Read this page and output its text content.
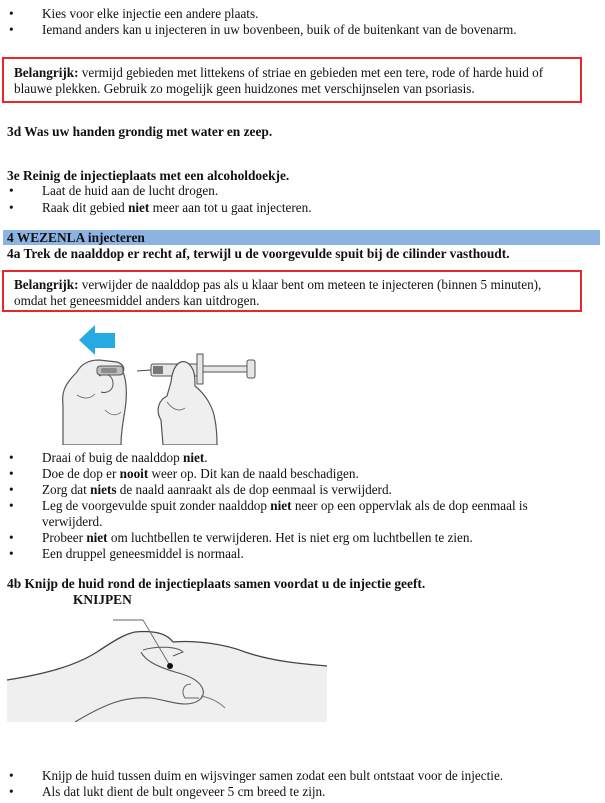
• Kies voor elke injectie een andere plaats.
• Iemand anders kan u injecteren in uw bovenbeen, buik of de buitenkant van de bovenarm.
Belangrijk: vermijd gebieden met littekens of striae en gebieden met een tere, rode of harde huid of blauwe plekken. Gebruik zo mogelijk geen huidzones met verschijnselen van psoriasis.
3d Was uw handen grondig met water en zeep.
3e Reinig de injectieplaats met een alcoholdoekje.
• Laat de huid aan de lucht drogen.
• Raak dit gebied niet meer aan tot u gaat injecteren.
4 WEZENLA injecteren
4a Trek de naalddop er recht af, terwijl u de voorgevulde spuit bij de cilinder vasthoudt.
Belangrijk: verwijder de naalddop pas als u klaar bent om meteen te injecteren (binnen 5 minuten), omdat het geneesmiddel anders kan uitdrogen.
• Draai of buig de naalddop niet.
• Doe de dop er nooit weer op. Dit kan de naald beschadigen.
• Zorg dat niets de naald aanraakt als de dop eenmaal is verwijderd.
• Leg de voorgevulde spuit zonder naalddop niet neer op een oppervlak als de dop eenmaal is verwijderd.
• Probeer niet om luchtbellen te verwijderen. Het is niet erg om luchtbellen te zien.
• Een druppel geneesmiddel is normaal.
4b Knijp de huid rond de injectieplaats samen voordat u de injectie geeft.
KNIJPEN
• Knijp de huid tussen duim en wijsvinger samen zodat een bult ontstaat voor de injectie.
• Als dat lukt dient de bult ongeveer 5 cm breed te zijn.
